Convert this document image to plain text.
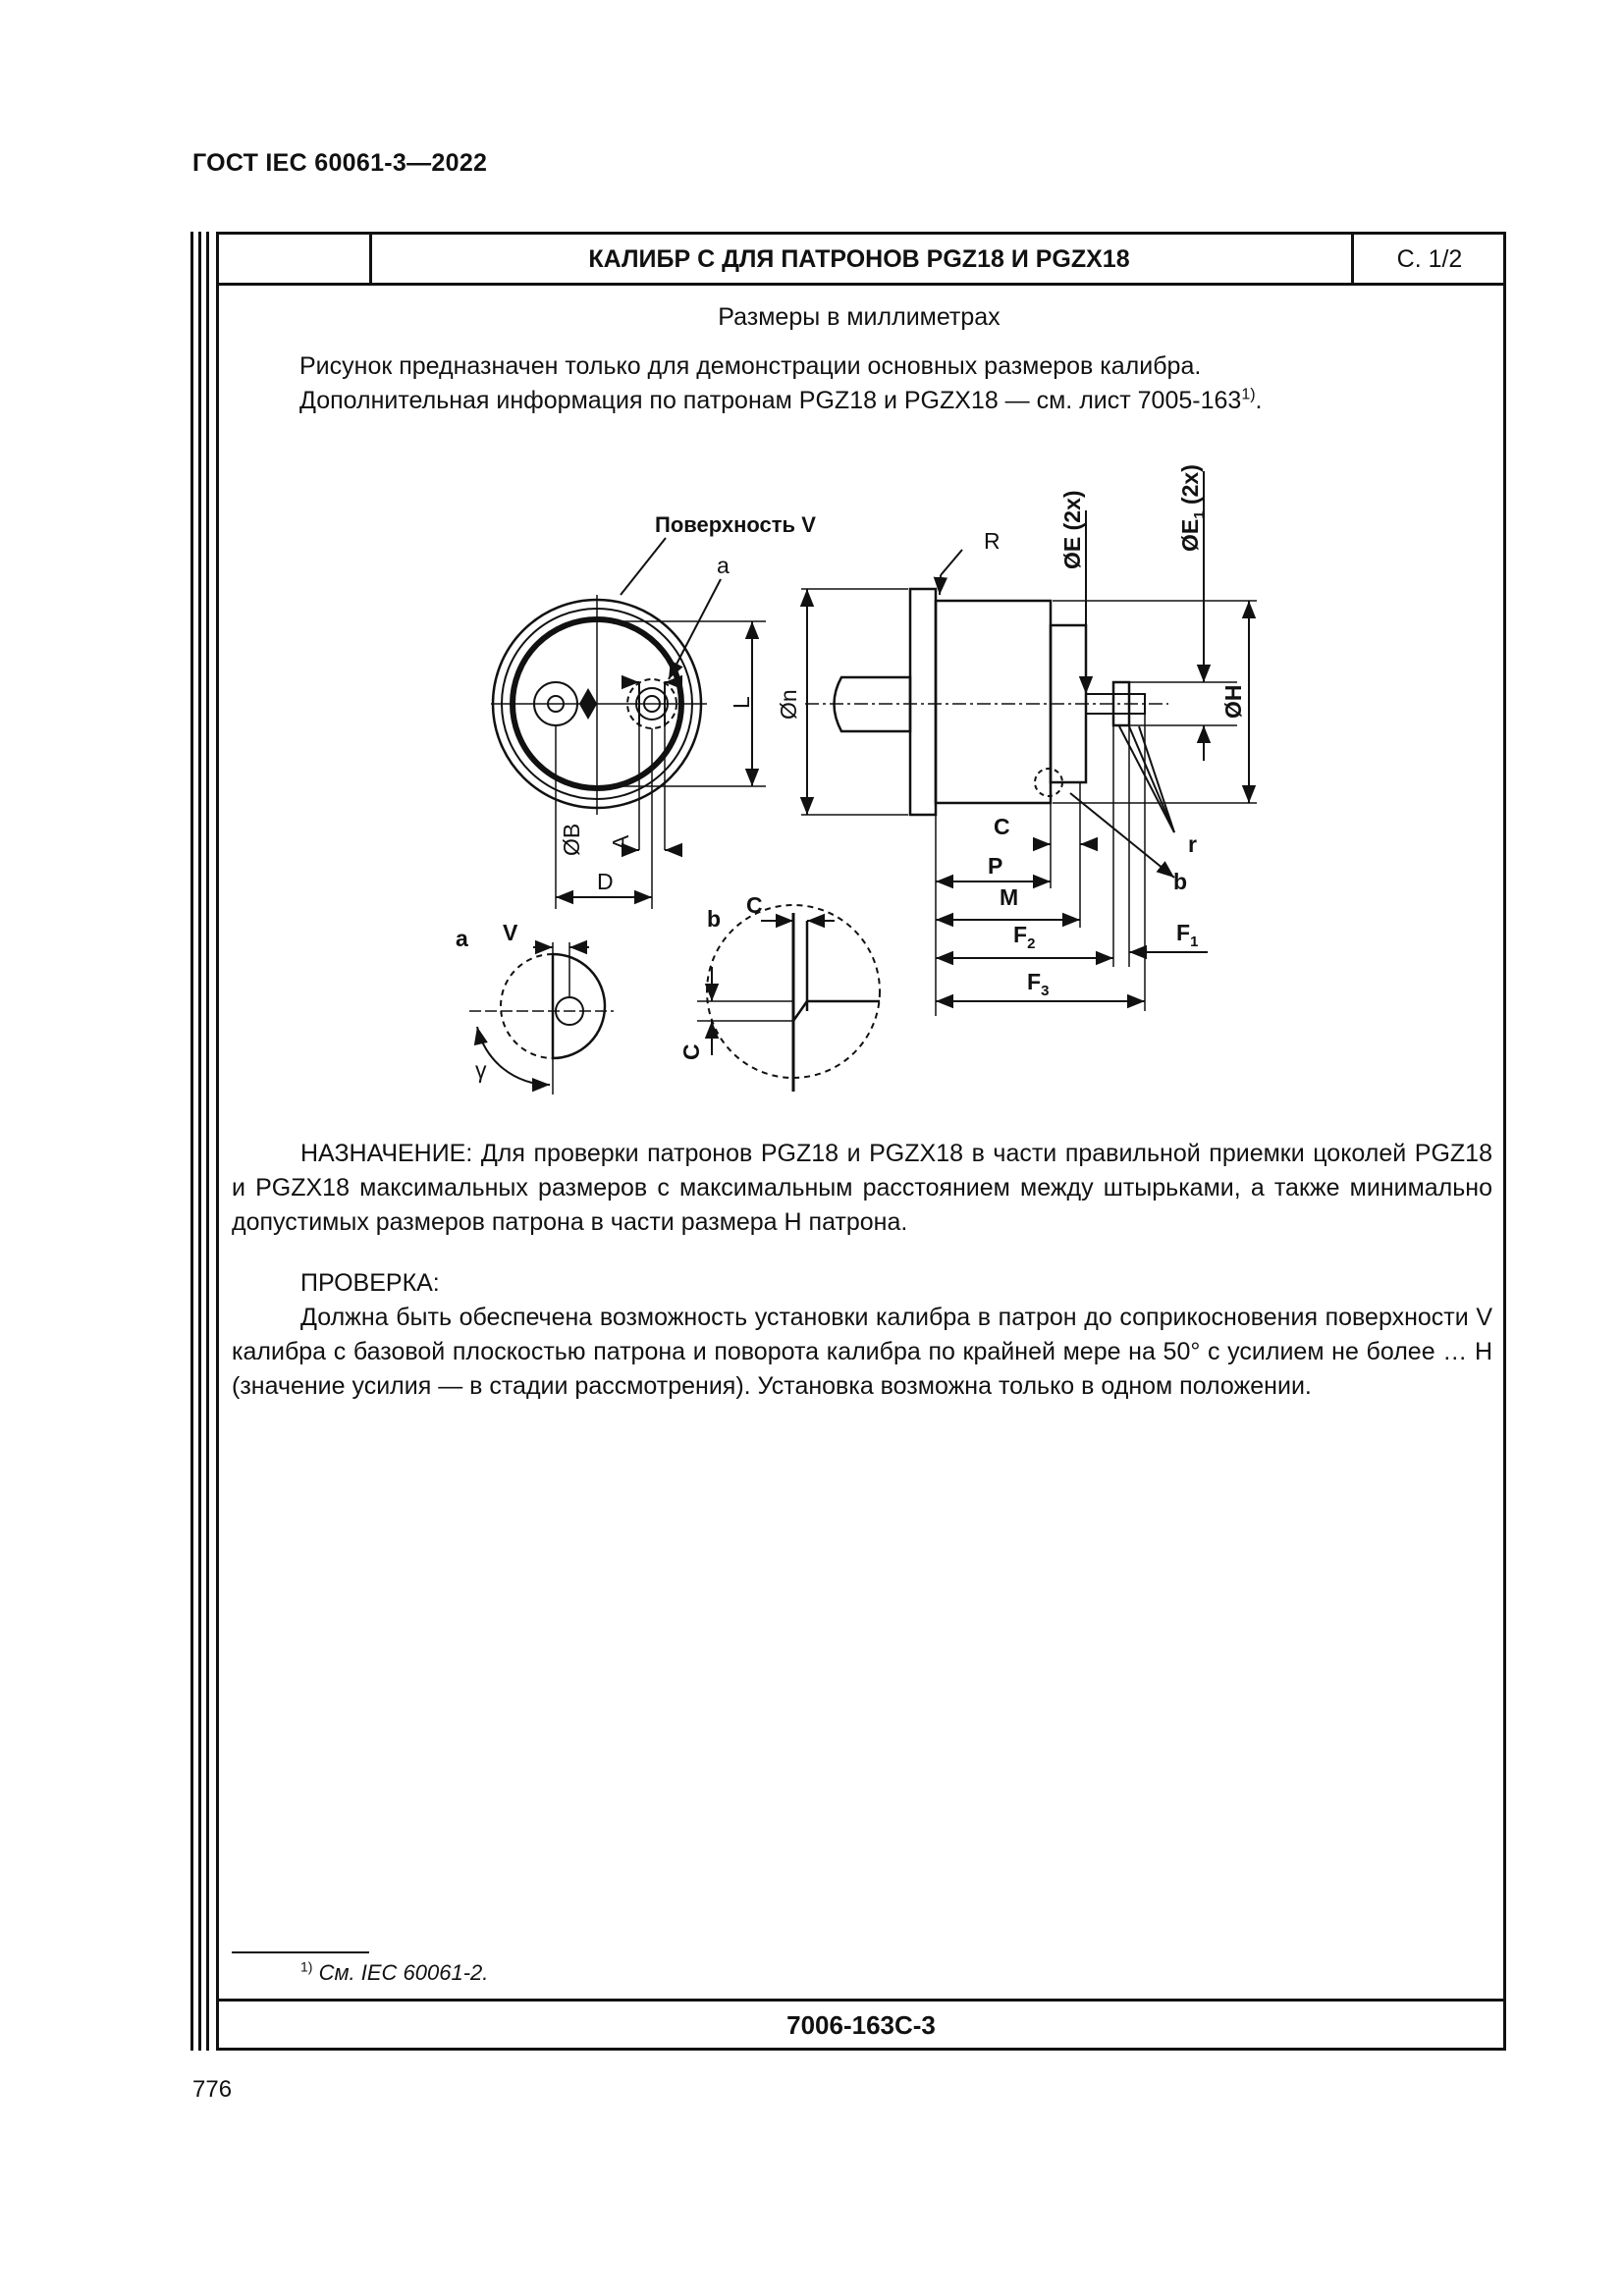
ГОСТ IEC 60061-3—2022
КАЛИБР С ДЛЯ ПАТРОНОВ PGZ18 И PGZX18	С. 1/2
Размеры в миллиметрах
Рисунок предназначен только для демонстрации основных размеров калибра.
Дополнительная информация по патронам PGZ18 и PGZX18 — см. лист 7005-163$^{1)}$.
Поверхность V
a
R
L
ØB A
D
Øn
ØE (2x)	$ØE_1$ (2x)
ØH
C
P
M
$F_2$	$F_1$
$F_3$
r
b
a V
γ
b
C
C

НАЗНАЧЕНИЕ: Для проверки патронов PGZ18 и PGZX18 в части правильной приемки цоколей PGZ18 и PGZX18 максимальных размеров с максимальным расстоянием между штырьками, а также минимально допустимых размеров патрона в части размера H патрона.

ПРОВЕРКА:

Должна быть обеспечена возможность установки калибра в патрон до соприкосновения поверхности V калибра с базовой плоскостью патрона и поворота калибра по крайней мере на 50° с усилием не более … Н (значение усилия — в стадии рассмотрения). Установка возможна только в одном положении.

$^{1)}$ См. IEC 60061-2.
7006-163C-3
776
